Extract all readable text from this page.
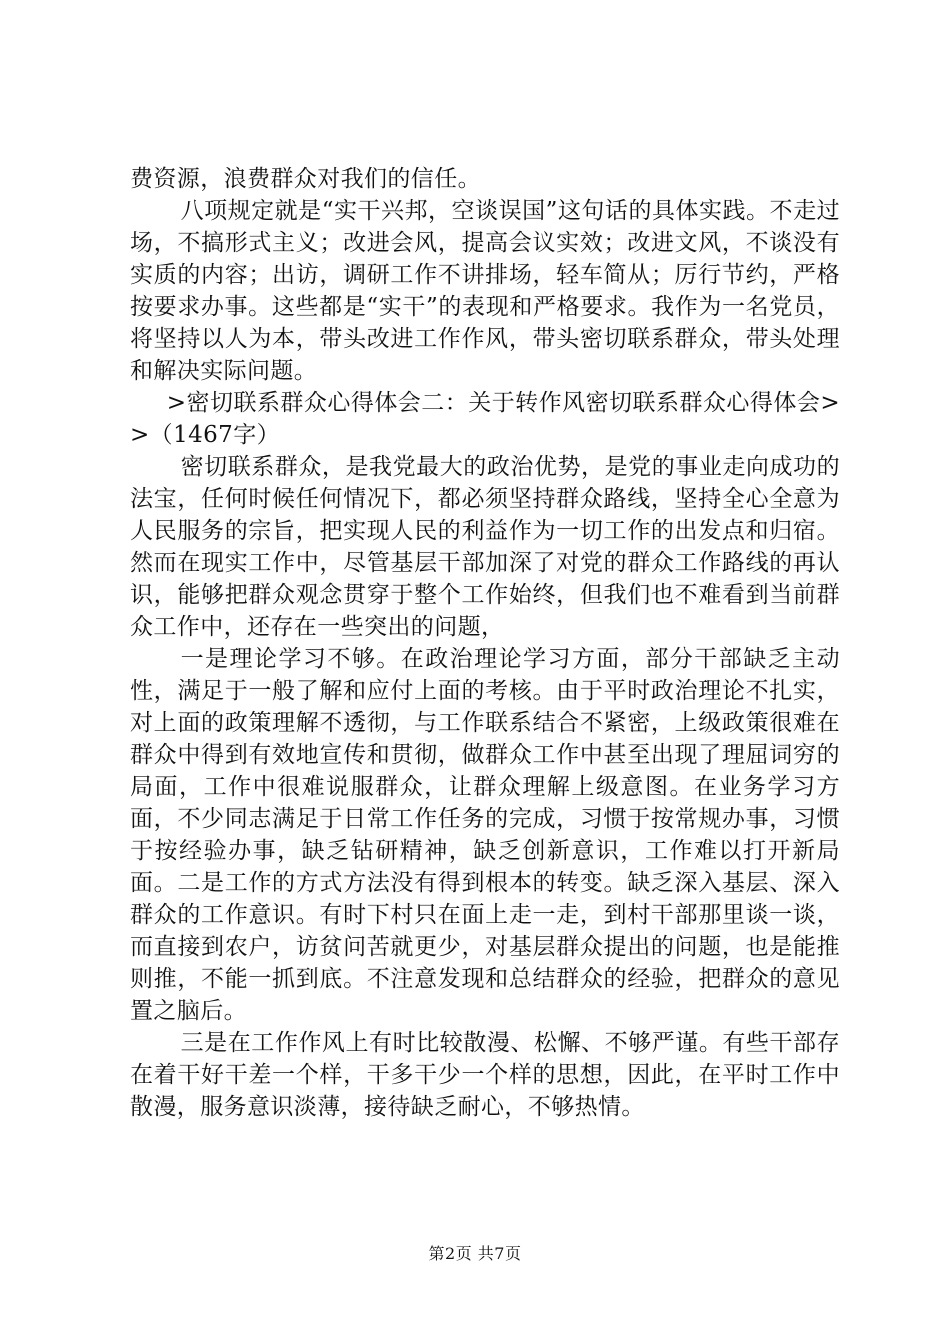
费资源，浪费群众对我们的信任。

八项规定就是“实干兴邦，空谈误国”这句话的具体实践。不走过场，不搞形式主义；改进会风，提高会议实效；改进文风，不谈没有实质的内容；出访，调研工作不讲排场，轻车简从；厉行节约，严格按要求办事。这些都是“实干”的表现和严格要求。我作为一名党员，将坚持以人为本，带头改进工作作风，带头密切联系群众，带头处理和解决实际问题。

>密切联系群众心得体会二：关于转作风密切联系群众心得体会>>（1467字）

密切联系群众，是我党最大的政治优势，是党的事业走向成功的法宝，任何时候任何情况下，都必须坚持群众路线，坚持全心全意为人民服务的宗旨，把实现人民的利益作为一切工作的出发点和归宿。然而在现实工作中，尽管基层干部加深了对党的群众工作路线的再认识，能够把群众观念贯穿于整个工作始终，但我们也不难看到当前群众工作中，还存在一些突出的问题，

一是理论学习不够。在政治理论学习方面，部分干部缺乏主动性，满足于一般了解和应付上面的考核。由于平时政治理论不扎实，对上面的政策理解不透彻，与工作联系结合不紧密，上级政策很难在群众中得到有效地宣传和贯彻，做群众工作中甚至出现了理屈词穷的局面，工作中很难说服群众，让群众理解上级意图。在业务学习方面，不少同志满足于日常工作任务的完成，习惯于按常规办事，习惯于按经验办事，缺乏钻研精神，缺乏创新意识，工作难以打开新局面。二是工作的方式方法没有得到根本的转变。缺乏深入基层、深入群众的工作意识。有时下村只在面上走一走，到村干部那里谈一谈，而直接到农户，访贫问苦就更少，对基层群众提出的问题，也是能推则推，不能一抓到底。不注意发现和总结群众的经验，把群众的意见置之脑后。

三是在工作作风上有时比较散漫、松懈、不够严谨。有些干部存在着干好干差一个样，干多干少一个样的思想，因此，在平时工作中散漫，服务意识淡薄，接待缺乏耐心，不够热情。

第2页 共7页
